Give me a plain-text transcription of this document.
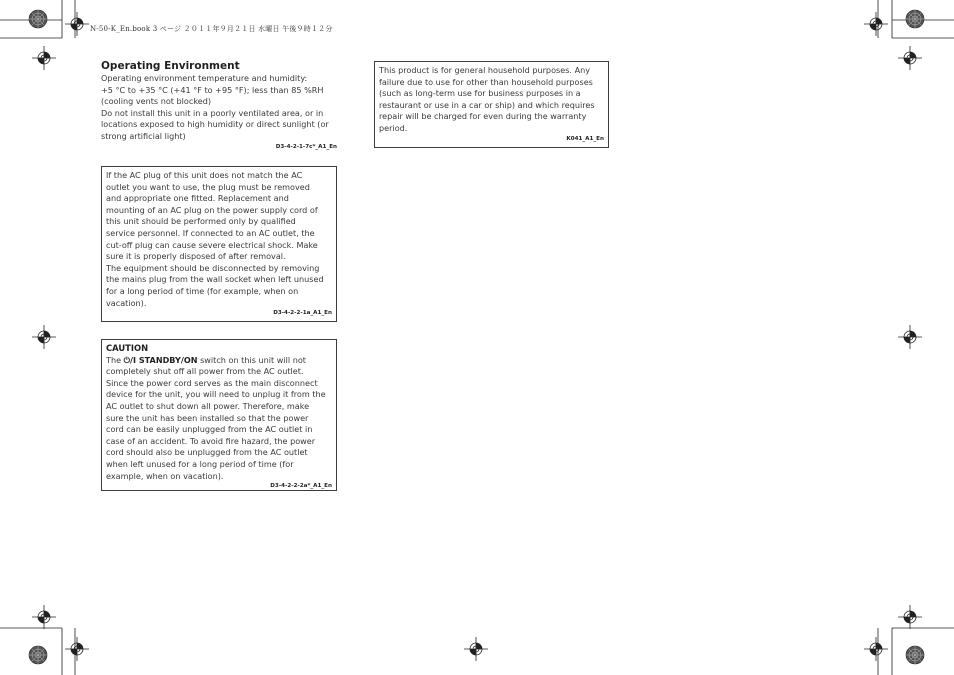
N-50-K_En.book 3 ページ ２０１１年９月２１日 水曜日 午後９時１２分
Operating Environment
Operating environment temperature and humidity:
+5 °C to +35 °C (+41 °F to +95 °F); less than 85 %RH
(cooling vents not blocked)
Do not install this unit in a poorly ventilated area, or in
locations exposed to high humidity or direct sunlight (or
strong artificial light)
D3-4-2-1-7c*_A1_En
If the AC plug of this unit does not match the AC
outlet you want to use, the plug must be removed
and appropriate one fitted. Replacement and
mounting of an AC plug on the power supply cord of
this unit should be performed only by qualified
service personnel. If connected to an AC outlet, the
cut-off plug can cause severe electrical shock. Make
sure it is properly disposed of after removal.
The equipment should be disconnected by removing
the mains plug from the wall socket when left unused
for a long period of time (for example, when on
vacation).
D3-4-2-2-1a_A1_En
CAUTION
The ⏻/I STANDBY/ON switch on this unit will not
completely shut off all power from the AC outlet.
Since the power cord serves as the main disconnect
device for the unit, you will need to unplug it from the
AC outlet to shut down all power. Therefore, make
sure the unit has been installed so that the power
cord can be easily unplugged from the AC outlet in
case of an accident. To avoid fire hazard, the power
cord should also be unplugged from the AC outlet
when left unused for a long period of time (for
example, when on vacation).
D3-4-2-2-2a*_A1_En
This product is for general household purposes. Any
failure due to use for other than household purposes
(such as long-term use for business purposes in a
restaurant or use in a car or ship) and which requires
repair will be charged for even during the warranty
period.
K041_A1_En
